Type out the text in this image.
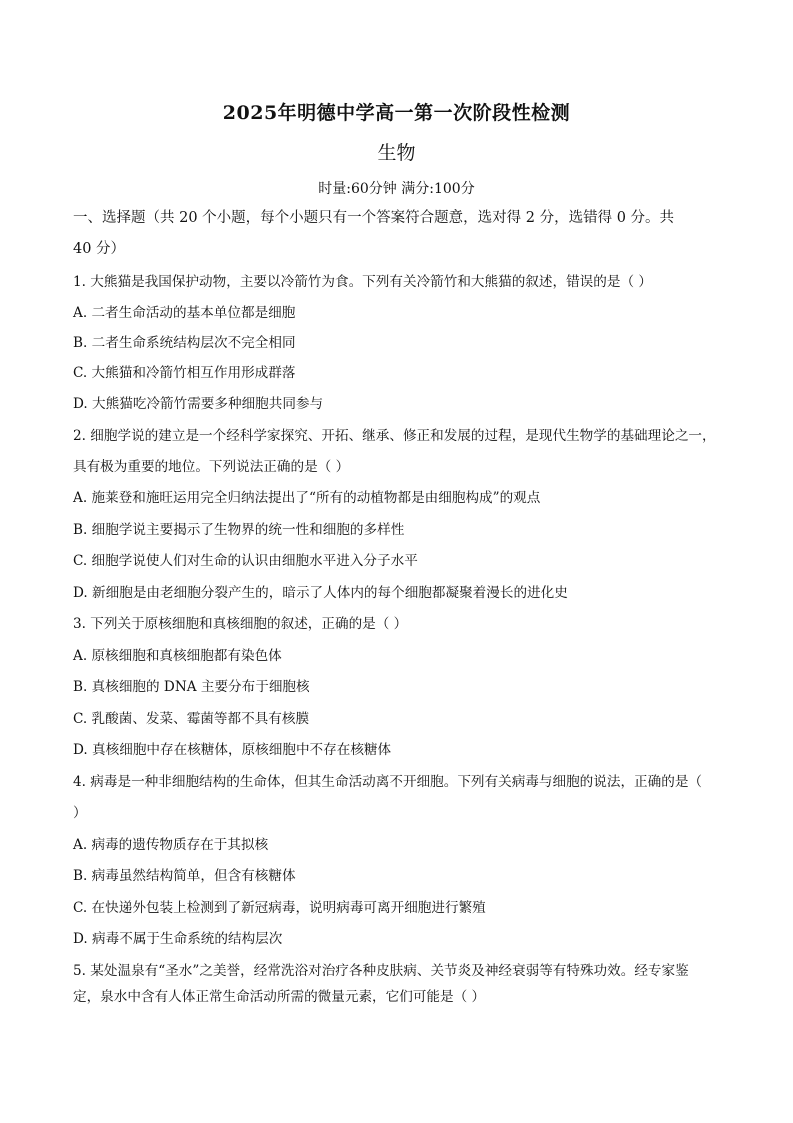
2025年明德中学高一第一次阶段性检测
生物
时量:60分钟 满分:100分
一、选择题（共 20 个小题，每个小题只有一个答案符合题意，选对得 2 分，选错得 0 分。共
40 分）
1. 大熊猫是我国保护动物，主要以冷箭竹为食。下列有关冷箭竹和大熊猫的叙述，错误的是（ ）
A. 二者生命活动的基本单位都是细胞
B. 二者生命系统结构层次不完全相同
C. 大熊猫和冷箭竹相互作用形成群落
D. 大熊猫吃冷箭竹需要多种细胞共同参与
2. 细胞学说的建立是一个经科学家探究、开拓、继承、修正和发展的过程，是现代生物学的基础理论之一，
具有极为重要的地位。下列说法正确的是（ ）
A. 施莱登和施旺运用完全归纳法提出了“所有的动植物都是由细胞构成”的观点
B. 细胞学说主要揭示了生物界的统一性和细胞的多样性
C. 细胞学说使人们对生命的认识由细胞水平进入分子水平
D. 新细胞是由老细胞分裂产生的，暗示了人体内的每个细胞都凝聚着漫长的进化史
3. 下列关于原核细胞和真核细胞的叙述，正确的是（ ）
A. 原核细胞和真核细胞都有染色体
B. 真核细胞的 DNA 主要分布于细胞核
C. 乳酸菌、发菜、霉菌等都不具有核膜
D. 真核细胞中存在核糖体，原核细胞中不存在核糖体
4. 病毒是一种非细胞结构的生命体，但其生命活动离不开细胞。下列有关病毒与细胞的说法，正确的是（
）
A. 病毒的遗传物质存在于其拟核
B. 病毒虽然结构简单，但含有核糖体
C. 在快递外包装上检测到了新冠病毒，说明病毒可离开细胞进行繁殖
D. 病毒不属于生命系统的结构层次
5. 某处温泉有“圣水”之美誉，经常洗浴对治疗各种皮肤病、关节炎及神经衰弱等有特殊功效。经专家鉴
定，泉水中含有人体正常生命活动所需的微量元素，它们可能是（ ）
